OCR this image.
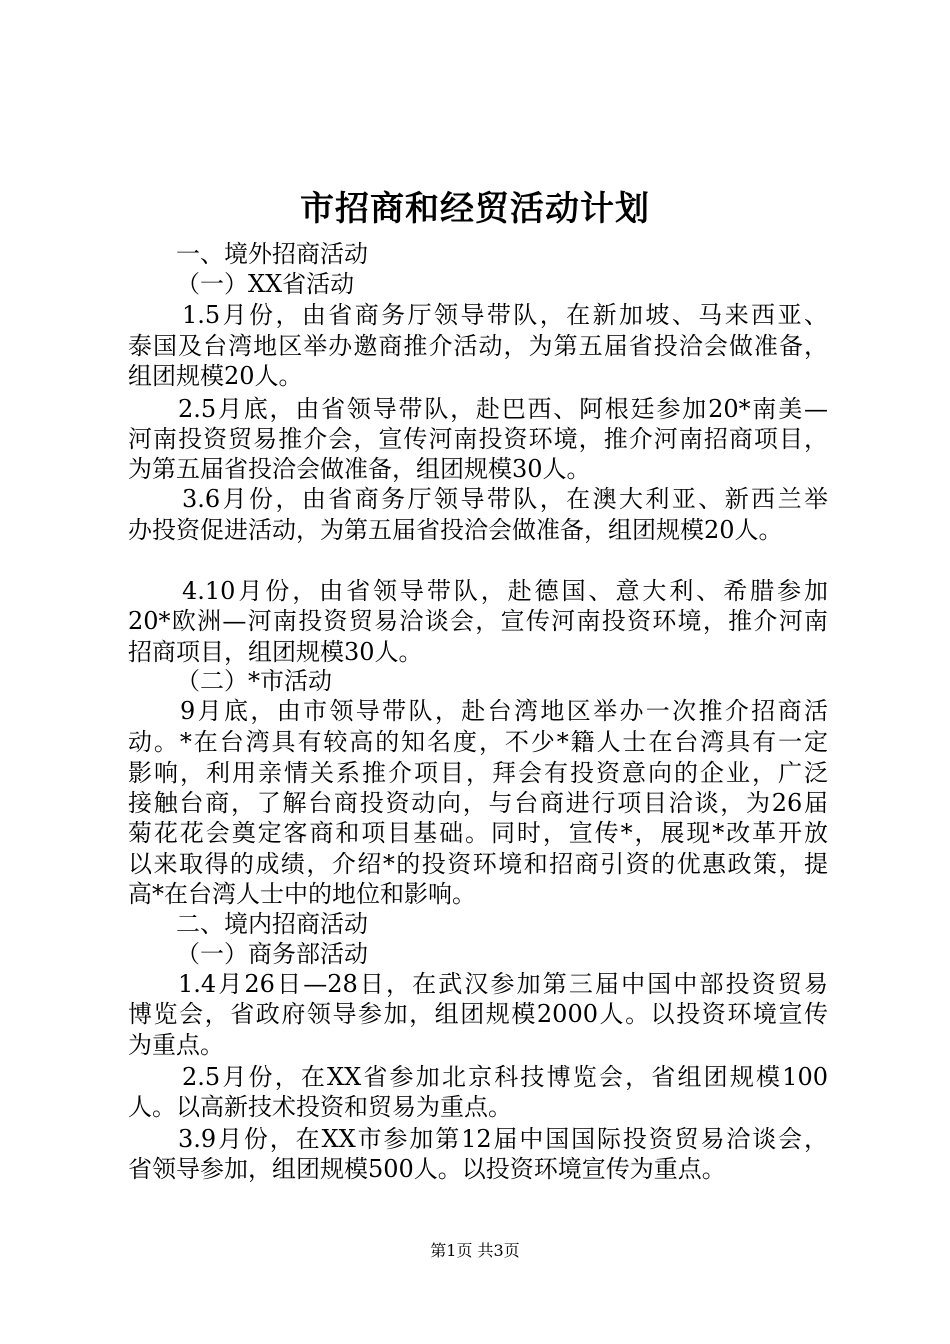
市招商和经贸活动计划
一、境外招商活动
（一）XX省活动
1.5月份，由省商务厅领导带队，在新加坡、马来西亚、
泰国及台湾地区举办邀商推介活动，为第五届省投洽会做准备，
组团规模20人。
2.5月底，由省领导带队，赴巴西、阿根廷参加20*南美—
河南投资贸易推介会，宣传河南投资环境，推介河南招商项目，
为第五届省投洽会做准备，组团规模30人。
3.6月份，由省商务厅领导带队，在澳大利亚、新西兰举
办投资促进活动，为第五届省投洽会做准备，组团规模20人。
4.10月份，由省领导带队，赴德国、意大利、希腊参加
20*欧洲—河南投资贸易洽谈会，宣传河南投资环境，推介河南
招商项目，组团规模30人。
（二）*市活动
9月底，由市领导带队，赴台湾地区举办一次推介招商活
动。*在台湾具有较高的知名度，不少*籍人士在台湾具有一定
影响，利用亲情关系推介项目，拜会有投资意向的企业，广泛
接触台商，了解台商投资动向，与台商进行项目洽谈，为26届
菊花花会奠定客商和项目基础。同时，宣传*，展现*改革开放
以来取得的成绩，介绍*的投资环境和招商引资的优惠政策，提
高*在台湾人士中的地位和影响。
二、境内招商活动
（一）商务部活动
1.4月26日—28日，在武汉参加第三届中国中部投资贸易
博览会，省政府领导参加，组团规模2000人。以投资环境宣传
为重点。
2.5月份，在XX省参加北京科技博览会，省组团规模100
人。以高新技术投资和贸易为重点。
3.9月份，在XX市参加第12届中国国际投资贸易洽谈会，
省领导参加，组团规模500人。以投资环境宣传为重点。
第1页 共3页
